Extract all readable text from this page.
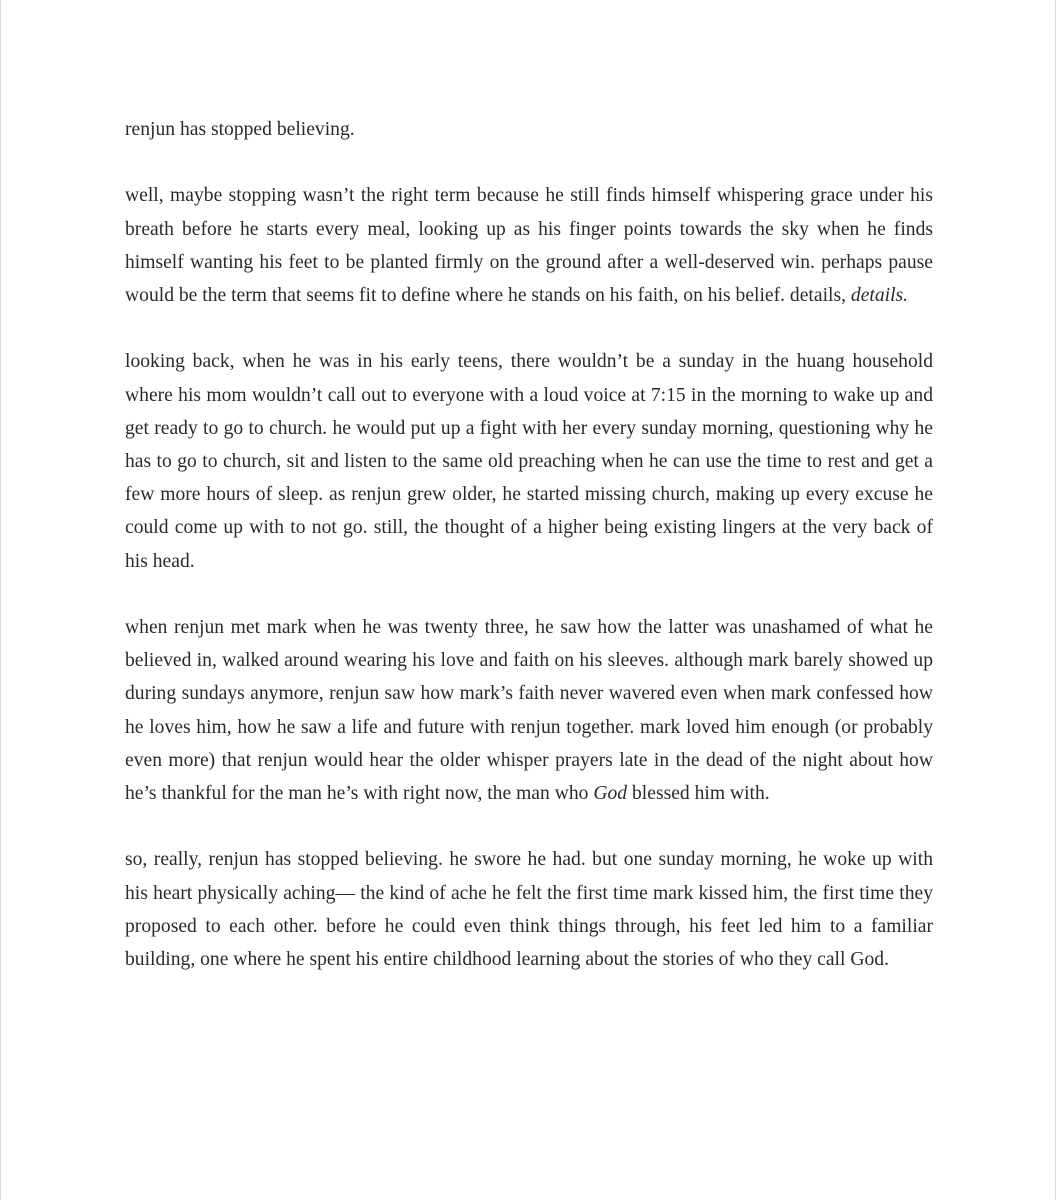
renjun has stopped believing.

well, maybe stopping wasn’t the right term because he still finds himself whispering grace under his breath before he starts every meal, looking up as his finger points towards the sky when he finds himself wanting his feet to be planted firmly on the ground after a well-deserved win. perhaps pause would be the term that seems fit to define where he stands on his faith, on his belief. details, details.

looking back, when he was in his early teens, there wouldn’t be a sunday in the huang household where his mom wouldn’t call out to everyone with a loud voice at 7:15 in the morning to wake up and get ready to go to church. he would put up a fight with her every sunday morning, questioning why he has to go to church, sit and listen to the same old preaching when he can use the time to rest and get a few more hours of sleep. as renjun grew older, he started missing church, making up every excuse he could come up with to not go. still, the thought of a higher being existing lingers at the very back of his head.

when renjun met mark when he was twenty three, he saw how the latter was unashamed of what he believed in, walked around wearing his love and faith on his sleeves. although mark barely showed up during sundays anymore, renjun saw how mark’s faith never wavered even when mark confessed how he loves him, how he saw a life and future with renjun together. mark loved him enough (or probably even more) that renjun would hear the older whisper prayers late in the dead of the night about how he’s thankful for the man he’s with right now, the man who God blessed him with.

so, really, renjun has stopped believing. he swore he had. but one sunday morning, he woke up with his heart physically aching— the kind of ache he felt the first time mark kissed him, the first time they proposed to each other. before he could even think things through, his feet led him to a familiar building, one where he spent his entire childhood learning about the stories of who they call God.
